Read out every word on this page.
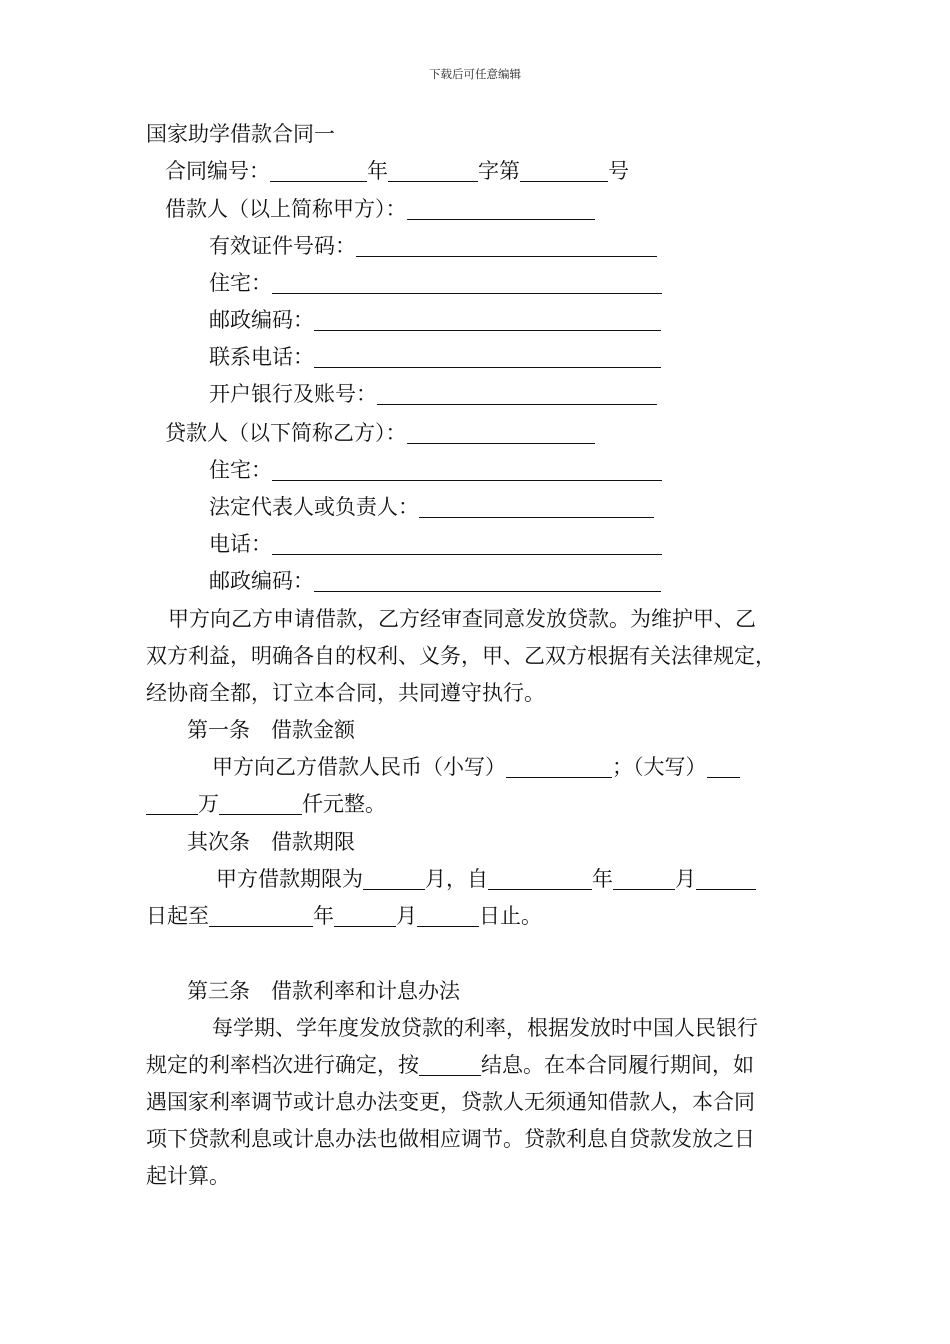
下载后可任意编辑
国家助学借款合同一
合同编号：	年	字第	号
借款人（以上简称甲方）：
有效证件号码：
住宅：
邮政编码：
联系电话：
开户银行及账号：
贷款人（以下简称乙方）：
住宅：
法定代表人或负责人：
电话：
邮政编码：
甲方向乙方申请借款，乙方经审查同意发放贷款。为维护甲、乙
双方利益，明确各自的权利、义务，甲、乙双方根据有关法律规定，
经协商全都，订立本合同，共同遵守执行。
第一条　借款金额
甲方向乙方借款人民币（小写）	；（大写）
万	仟元整。
其次条　借款期限
甲方借款期限为	月，自	年	月
日起至	年	月	日止。
第三条　借款利率和计息办法
每学期、学年度发放贷款的利率，根据发放时中国人民银行
规定的利率档次进行确定，按	结息。在本合同履行期间，如
遇国家利率调节或计息办法变更，贷款人无须通知借款人，本合同
项下贷款利息或计息办法也做相应调节。贷款利息自贷款发放之日
起计算。
